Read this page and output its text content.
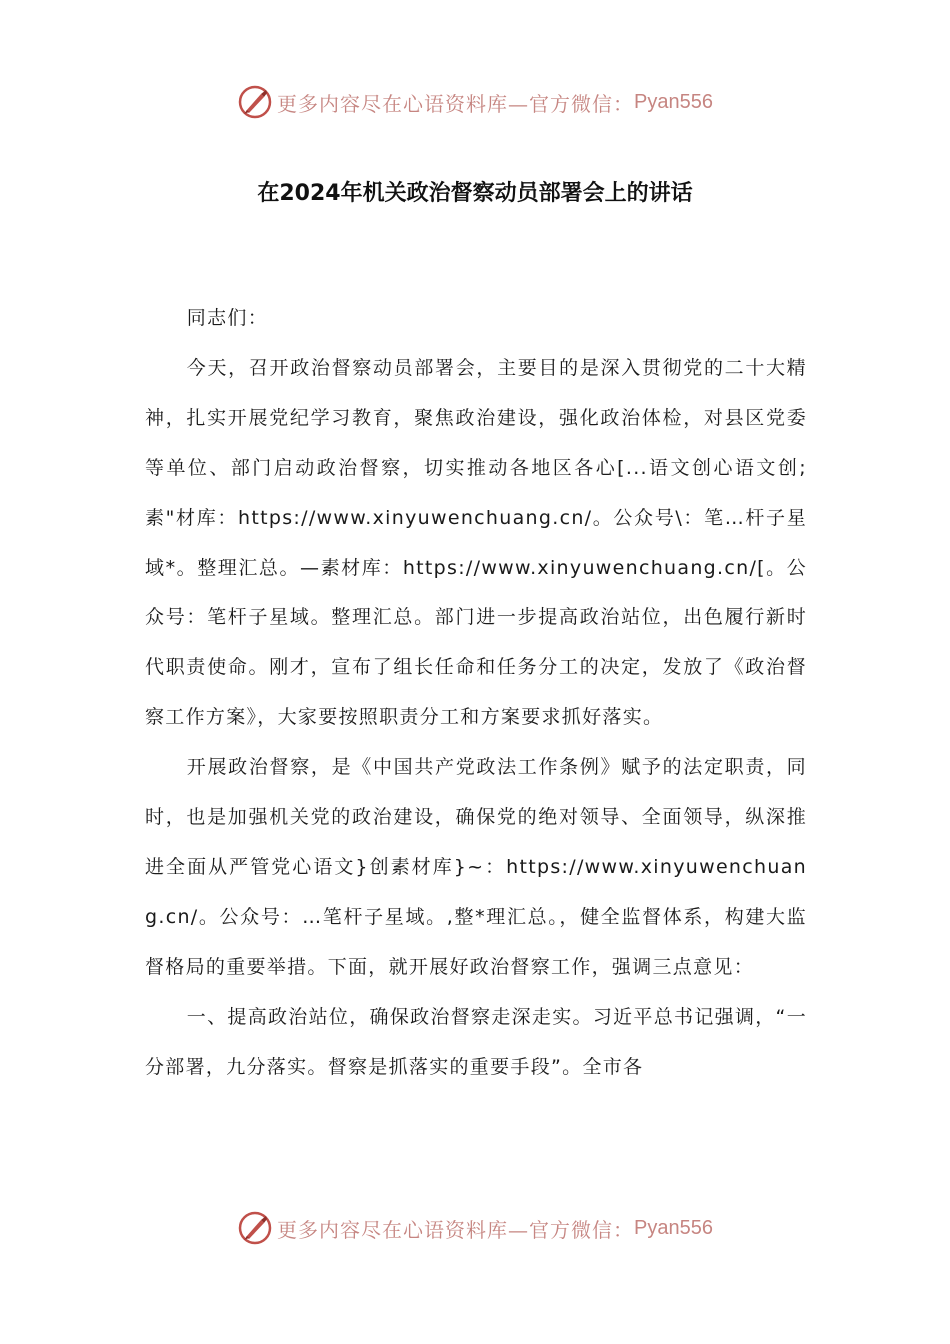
更多内容尽在心语资料库—官方微信： Pyan556
在2024年机关政治督察动员部署会上的讲话

同志们：

今天，召开政治督察动员部署会，主要目的是深入贯彻党的二十大精神，扎实开展党纪学习教育，聚焦政治建设，强化政治体检，对县区党委等单位、部门启动政治督察，切实推动各地区各心[...语文创心语文创;素"材库：https://www.xinyuwenchuang.cn/。公众号\：笔…杆子星域*。整理汇总。—素材库：https://www.xinyuwenchuang.cn/[。公众号：笔杆子星域。整理汇总。部门进一步提高政治站位，出色履行新时代职责使命。刚才，宣布了组长任命和任务分工的决定，发放了《政治督察工作方案》，大家要按照职责分工和方案要求抓好落实。

开展政治督察，是《中国共产党政法工作条例》赋予的法定职责，同时，也是加强机关党的政治建设，确保党的绝对领导、全面领导，纵深推进全面从严管党心语文}创素材库}~：https://www.xinyuwenchuang.cn/。公众号：…笔杆子星域。,整*理汇总。，健全监督体系，构建大监督格局的重要举措。下面，就开展好政治督察工作，强调三点意见：

一、提高政治站位，确保政治督察走深走实。习近平总书记强调，“一分部署，九分落实。督察是抓落实的重要手段”。全市各

更多内容尽在心语资料库—官方微信： Pyan556
